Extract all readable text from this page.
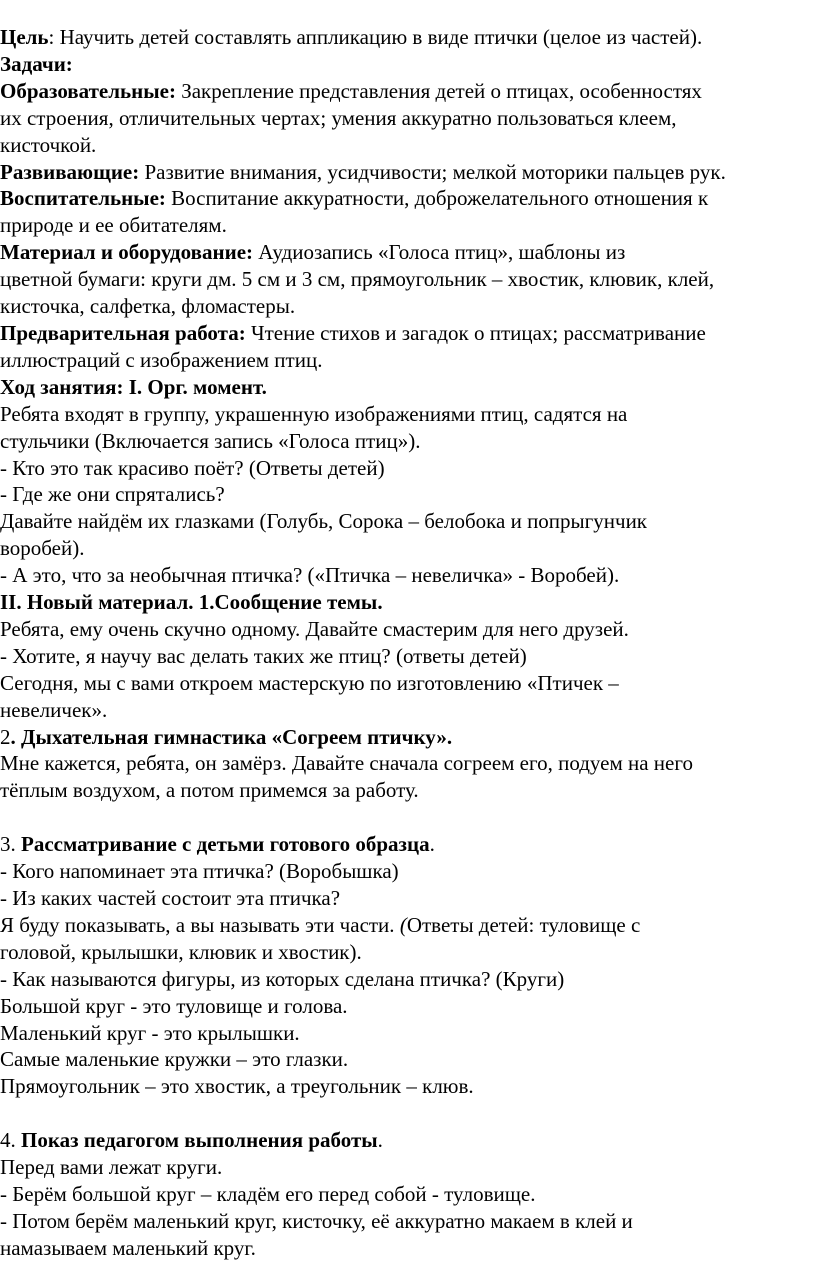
Цель: Научить детей составлять аппликацию в виде птички (целое из частей).

Задачи:

Образовательные: Закрепление представления детей о птицах, особенностях

их строения, отличительных чертах; умения аккуратно пользоваться клеем,

кисточкой.

Развивающие: Развитие внимания, усидчивости; мелкой моторики пальцев рук.

Воспитательные: Воспитание аккуратности, доброжелательного отношения к

природе и ее обитателям.

Материал и оборудование: Аудиозапись «Голоса птиц», шаблоны из

цветной бумаги: круги дм. 5 см и 3 см, прямоугольник – хвостик, клювик, клей,

кисточка, салфетка, фломастеры.

Предварительная работа: Чтение стихов и загадок о птицах; рассматривание

иллюстраций с изображением птиц.

Ход занятия: I. Орг. момент.

Ребята входят в группу, украшенную изображениями птиц, садятся на

стульчики (Включается запись «Голоса птиц»).

- Кто это так красиво поёт? (Ответы детей)

- Где же они спрятались?

Давайте найдём их глазками (Голубь, Сорока – белобока и попрыгунчик

воробей).

- А это, что за необычная птичка? («Птичка – невеличка» - Воробей).

II. Новый материал. 1.Сообщение темы.

Ребята, ему очень скучно одному. Давайте смастерим для него друзей.

- Хотите, я научу вас делать таких же птиц? (ответы детей)

Сегодня, мы с вами откроем мастерскую по изготовлению «Птичек –

невеличек».

2. Дыхательная гимнастика «Согреем птичку».

Мне кажется, ребята, он замёрз. Давайте сначала согреем его, подуем на него

тёплым воздухом, а потом примемся за работу.

3. Рассматривание с детьми готового образца.

- Кого напоминает эта птичка? (Воробышка)

- Из каких частей состоит эта птичка?

Я буду показывать, а вы называть эти части. (Ответы детей: туловище с

головой, крылышки, клювик и хвостик).

- Как называются фигуры, из которых сделана птичка? (Круги)

Большой круг - это туловище и голова.

Маленький круг - это крылышки.

Самые маленькие кружки – это глазки.

Прямоугольник – это хвостик, а треугольник – клюв.

4. Показ педагогом выполнения работы.

Перед вами лежат круги.

- Берём большой круг – кладём его перед собой - туловище.

- Потом берём маленький круг, кисточку, её аккуратно макаем в клей и

намазываем маленький круг.
